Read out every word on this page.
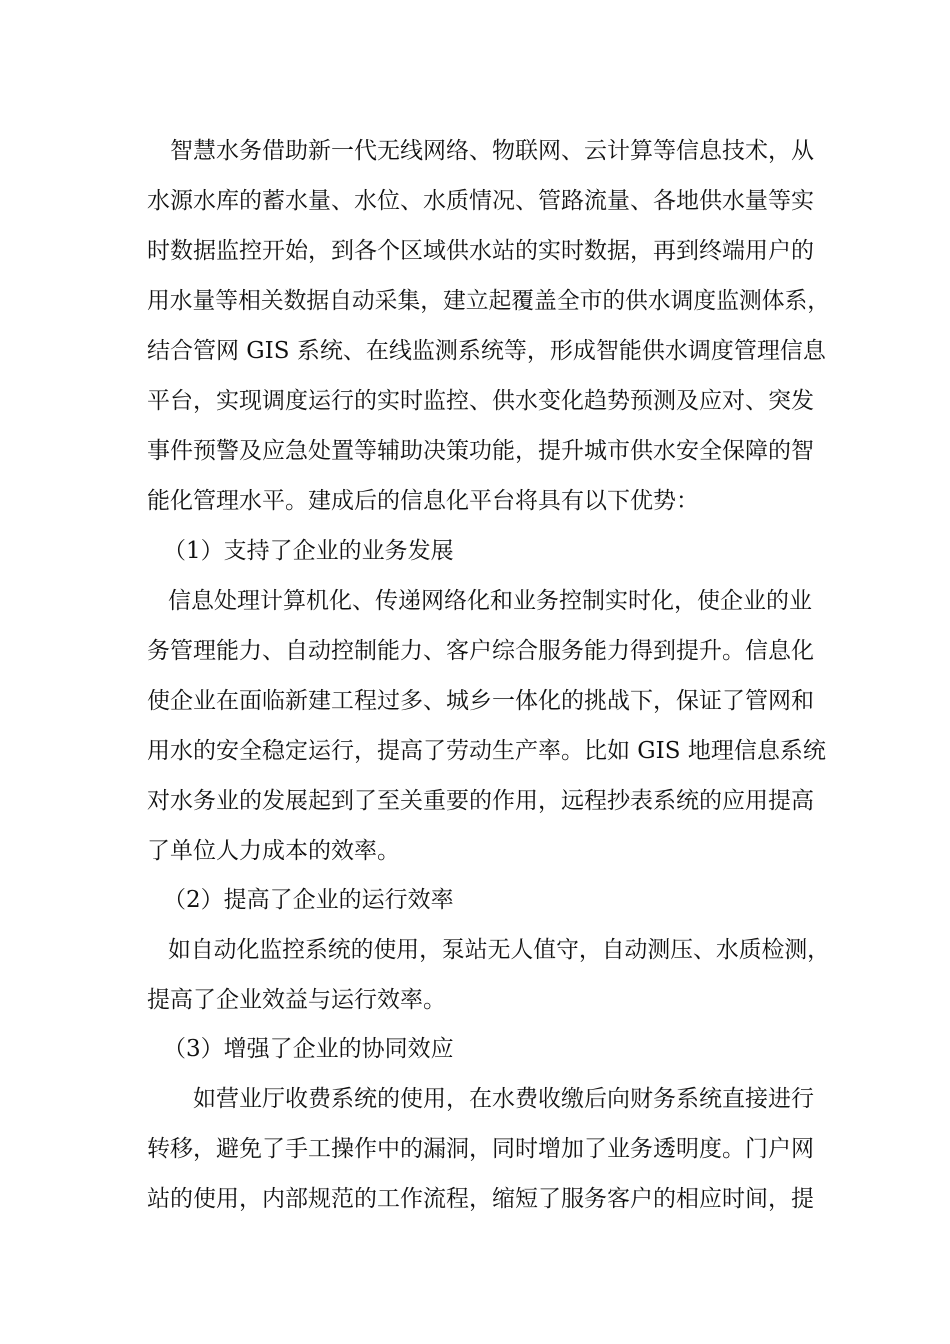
智慧水务借助新一代无线网络、物联网、云计算等信息技术，从
水源水库的蓄水量、水位、水质情况、管路流量、各地供水量等实
时数据监控开始，到各个区域供水站的实时数据，再到终端用户的
用水量等相关数据自动采集，建立起覆盖全市的供水调度监测体系，
结合管网 GIS 系统、在线监测系统等，形成智能供水调度管理信息
平台，实现调度运行的实时监控、供水变化趋势预测及应对、突发
事件预警及应急处置等辅助决策功能，提升城市供水安全保障的智
能化管理水平。建成后的信息化平台将具有以下优势：
（1）支持了企业的业务发展
信息处理计算机化、传递网络化和业务控制实时化，使企业的业
务管理能力、自动控制能力、客户综合服务能力得到提升。信息化
使企业在面临新建工程过多、城乡一体化的挑战下，保证了管网和
用水的安全稳定运行，提高了劳动生产率。比如 GIS 地理信息系统
对水务业的发展起到了至关重要的作用，远程抄表系统的应用提高
了单位人力成本的效率。
（2）提高了企业的运行效率
如自动化监控系统的使用，泵站无人值守，自动测压、水质检测，
提高了企业效益与运行效率。
（3）增强了企业的协同效应
如营业厅收费系统的使用，在水费收缴后向财务系统直接进行
转移，避免了手工操作中的漏洞，同时增加了业务透明度。门户网
站的使用，内部规范的工作流程，缩短了服务客户的相应时间，提
